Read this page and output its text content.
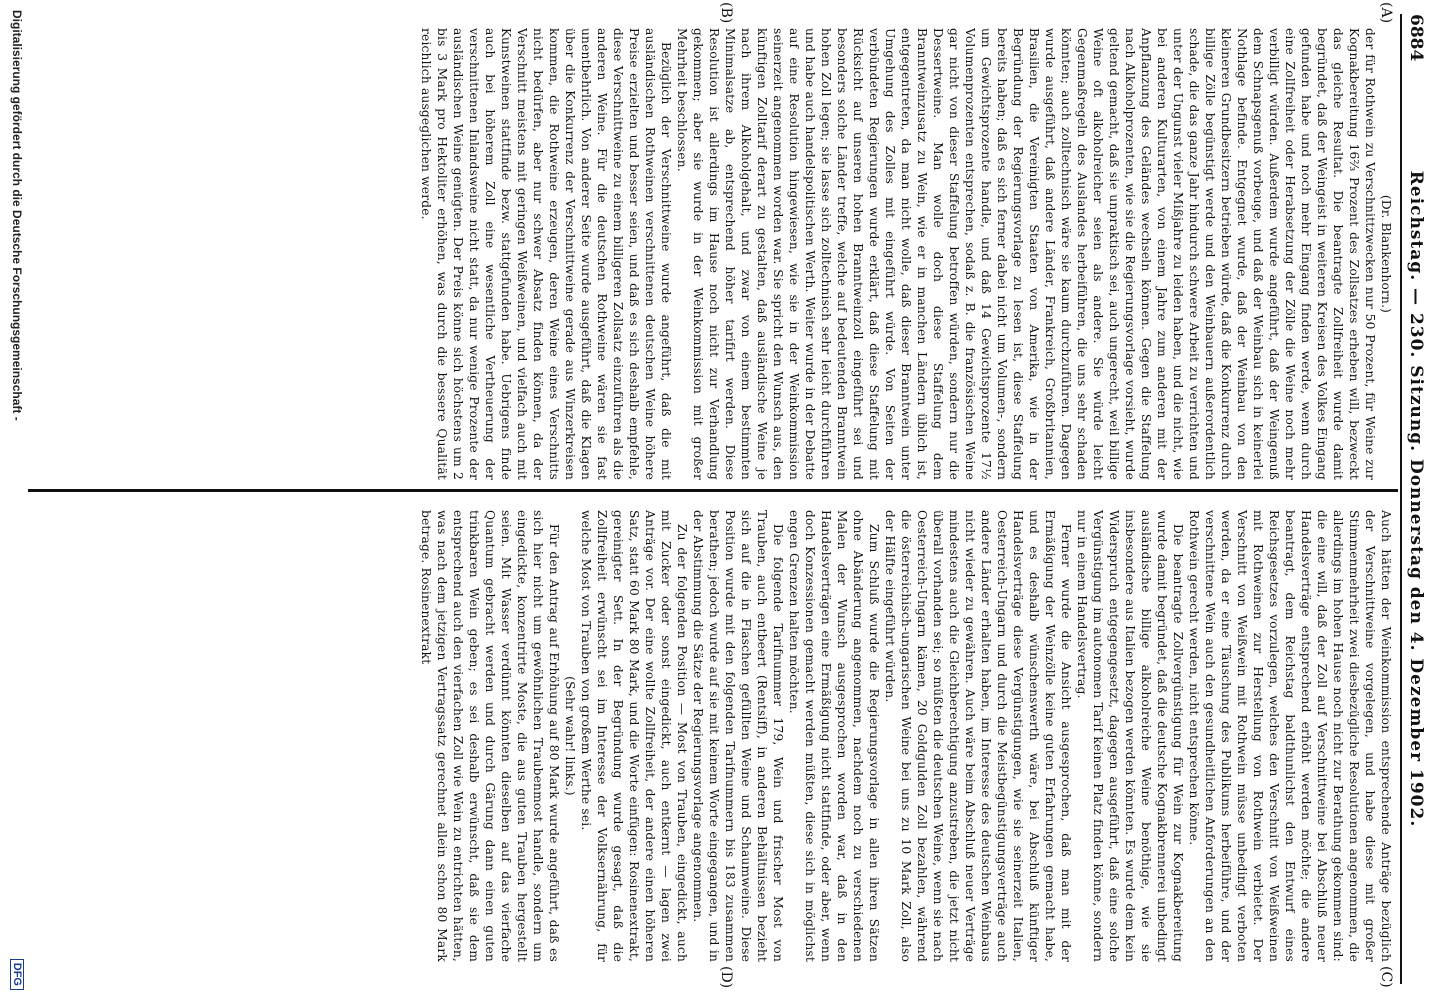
6884
Reichstag. — 230. Sitzung. Donnerstag den 4. Dezember 1902.
(A)
(B)
(C)
(D)

(Dr. Blankenhorn.)

der für Rothwein zu Verschnittzwecken nur 50 Prozent, für Weine zur Kognakbereitung 16⅔ Prozent des Zollsatzes erheben will, bezweckt das gleiche Resultat. Die beantragte Zollfreiheit wurde damit begründet, daß der Weingeist in weiteren Kreisen des Volkes Eingang gefunden habe und noch mehr Eingang finden werde, wenn durch eine Zollfreiheit oder Herabsetzung der Zölle die Weine noch mehr verbilligt würden. Außerdem wurde angeführt, daß der Weingenuß dem Schnapsgenuß vorbeuge, und daß der Weinbau sich in keinerlei Nothlage befinde. Entgegnet wurde, daß der Weinbau von den kleineren Grundbesitzern betrieben würde, daß die Konkurrenz durch billige Zölle begünstigt werde und den Weinbauern außerordentlich schade, die das ganze Jahr hindurch schwere Arbeit zu verrichten und unter der Ungunst vieler Mißjahre zu leiden haben, und die nicht, wie bei anderen Kulturarten, von einem Jahre zum anderen mit der Anpflanzung des Geländes wechseln können. Gegen die Staffelung nach Alkoholprozenten, wie sie die Regierungsvorlage vorsieht, wurde geltend gemacht, daß sie unpraktisch sei, auch ungerecht, weil billige Weine oft alkoholreicher seien als andere. Sie würde leicht Gegenmaßregeln des Auslandes herbeiführen, die uns sehr schaden könnten; auch zolltechnisch wäre sie kaum durchzuführen. Dagegen wurde ausgeführt, daß andere Länder, Frankreich, Großbritannien, Brasilien, die Vereinigten Staaten von Amerika, wie in der Begründung der Regierungsvorlage zu lesen ist, diese Staffelung bereits haben; daß es sich ferner dabei nicht um Volumen-, sondern um Gewichtsprozente handle, und daß 14 Gewichtsprozente 17½ Volumenprozenten entsprechen, sodaß z. B. die französischen Weine gar nicht von dieser Staffelung betroffen würden, sondern nur die Dessertweine. Man wolle doch diese Staffelung dem Branntweinzusatz zu Wein, wie er in manchen Ländern üblich ist, entgegentreten, da man nicht wolle, daß dieser Branntwein unter Umgehung des Zolles mit eingeführt würde. Von Seiten der verbündeten Regierungen wurde erklärt, daß diese Staffelung mit Rücksicht auf unseren hohen Branntweinzoll eingeführt sei und besonders solche Länder treffe, welche auf bedeutenden Branntwein hohen Zoll legen; sie lasse sich zolltechnisch sehr leicht durchführen und habe auch handelspolitischen Werth. Weiter wurde in der Debatte auf eine Resolution hingewiesen, wie sie in der Weinkommission seinerzeit angenommen worden war. Sie spricht den Wunsch aus, den künftigen Zolltarif derart zu gestalten, daß ausländische Weine je nach ihrem Alkoholgehalt, und zwar von einem bestimmten Minimalsatze ab, entsprechend höher tarifirt werden. Diese Resolution ist allerdings im Hause noch nicht zur Verhandlung gekommen; aber sie wurde in der Weinkommission mit großer Mehrheit beschlossen.

Bezüglich der Verschnittweine wurde angeführt, daß die mit ausländischen Rothweinen verschnittenen deutschen Weine höhere Preise erzielten und besser seien, und daß es sich deshalb empfehle, diese Verschnittweine zu einem billigeren Zollsatz einzuführen als die anderen Weine. Für die deutschen Rothweine wären sie fast unentbehrlich. Von anderer Seite wurde ausgeführt, daß die Klagen über die Konkurrenz der Verschnittweine gerade aus Winzerkreisen kommen, die Rothweine erzeugen, deren Weine eines Verschnitts nicht bedürfen, aber nur schwer Absatz finden können, da der Verschnitt meistens mit geringen Weißweinen, und vielfach auch mit Kunstweinen stattfinde bezw. stattgefunden habe. Uebrigens finde auch bei höherem Zoll eine wesentliche Vertheuerung der verschnittenen Inlandsweine nicht statt, da nur wenige Prozente der ausländischen Weine genügten. Der Preis könne sich höchstens um 2 bis 3 Mark pro Hektoliter erhöhen, was durch die bessere Qualität reichlich ausgeglichen werde.

Auch hätten der Weinkommission entsprechende Anträge bezüglich der Verschnittweine vorgelegen, und habe diese mit großer Stimmenmehrheit zwei diesbezügliche Resolutionen angenommen, die allerdings im hohen Hause noch nicht zur Berathung gekommen sind: die eine will, daß der Zoll auf Verschnittweine bei Abschluß neuer Handelsverträge entsprechend erhöht werden möchte; die andere beantragt, dem Reichstag baldthunlichst den Entwurf eines Reichsgesetzes vorzulegen, welches den Verschnitt von Weißweinen mit Rothweinen zur Herstellung von Rothwein verbietet. Der Verschnitt von Weißwein mit Rothwein müsse unbedingt verboten werden, da er eine Täuschung des Publikums herbeiführe, und der verschnittene Wein auch den gesundheitlichen Anforderungen an den Rothwein gerecht werden, nicht entsprechen könne.

Die beantragte Zollvergünstigung für Wein zur Kognakbereitung wurde damit begründet, daß die deutsche Kognakbrennerei unbedingt ausländische billige alkoholreiche Weine benöthige, wie sie insbesondere aus Italien bezogen werden könnten. Es wurde dem kein Widerspruch entgegengesetzt, dagegen ausgeführt, daß eine solche Vergünstigung im autonomen Tarif keinen Platz finden könne, sondern nur in einem Handelsvertrag.

Ferner wurde die Ansicht ausgesprochen, daß man mit der Ermäßigung der Weinzölle keine guten Erfahrungen gemacht habe, und es deshalb wünschenswerth wäre, bei Abschluß künftiger Handelsverträge diese Vergünstigungen, wie sie seinerzeit Italien, Oesterreich-Ungarn und durch die Meistbegünstigungsverträge auch andere Länder erhalten haben, im Interesse des deutschen Weinbaus nicht wieder zu gewähren. Auch wäre beim Abschluß neuer Verträge mindestens auch die Gleichberechtigung anzustreben, die jetzt nicht überall vorhanden sei; so müßten die deutschen Weine, wenn sie nach Oesterreich-Ungarn kämen, 20 Goldgulden Zoll bezahlen, während die österreichisch-ungarischen Weine bei uns zu 10 Mark Zoll, also der Hälfte eingeführt würden.

Zum Schluß wurde die Regierungsvorlage in allen ihren Sätzen ohne Abänderung angenommen, nachdem noch zu verschiedenen Malen der Wunsch ausgesprochen worden war, daß in den Handelsverträgen eine Ermäßigung nicht stattfinde, oder aber, wenn doch Konzessionen gemacht werden müßten, diese sich in möglichst engen Grenzen halten möchten.

Die folgende Tarifnummer 179, Wein und frischer Most von Trauben, auch entbeert (Rentsiff), in anderen Behältnissen bezieht sich auf die in Flaschen gefüllten Weine und Schaumweine. Diese Position wurde mit den folgenden Tarifnummern bis 183 zusammen berathen; jedoch wurde auf sie mit keinem Worte eingegangen, und in der Abstimmung die Sätze der Regierungsvorlage angenommen.

Zu der folgenden Position — Most von Trauben, eingedickt, auch mit Zucker oder sonst eingedickt, auch entkernt — lagen zwei Anträge vor. Der eine wollte Zollfreiheit, der andere einen höheren Satz, statt 60 Mark 80 Mark, und die Worte einfügen: Rosinenextrakt, gereinigter Sett. In der Begründung wurde gesagt, daß die Zollfreiheit erwünscht sei im Interesse der Volksernährung, für welche Most von Trauben von großem Werthe sei.

(Sehr wahr! links.)

Für den Antrag auf Erhöhung auf 80 Mark wurde angeführt, daß es sich hier nicht um gewöhnlichen Traubenmost handle, sondern um eingedickte, konzentrirte Moste, die aus guten Trauben hergestellt seien. Mit Wasser verdünnt könnten dieselben auf das vierfache Quantum gebracht werden und durch Gärung dann einen guten trinkbaren Wein geben; es sei deshalb erwünscht, daß sie dem entsprechend auch den vierfachen Zoll wie Wein zu entrichten hätten, was nach dem jetzigen Vertragssatz gerechnet allein schon 80 Mark betrage. Rosinenextrakt

Digitalisierung gefördert durch die Deutsche Forschungsgemeinschaft -
DFG
